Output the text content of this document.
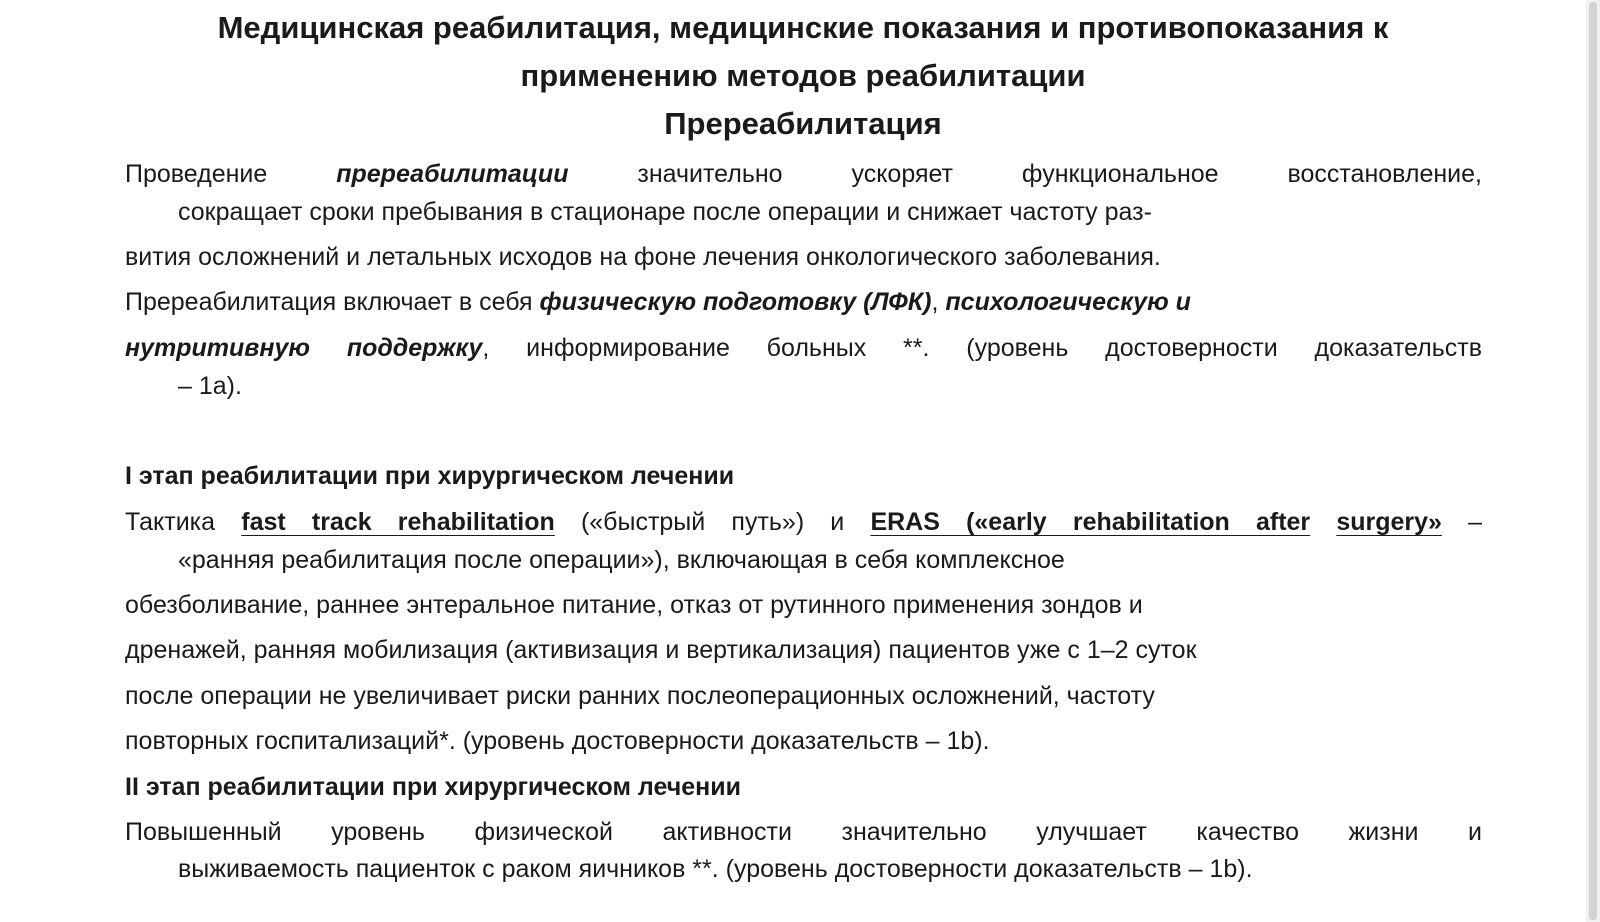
Медицинская реабилитация, медицинские показания и противопоказания к
применению методов реабилитации
Пререабилитация

Проведение	пререабилитации	значительно ускоряет функциональное восстановление,

сокращает сроки пребывания в стационаре после операции и снижает частоту раз-

вития осложнений и летальных исходов на фоне лечения онкологического заболевания.

Пререабилитация включает в себя физическую подготовку (ЛФК), психологическую и

нутритивную поддержку, информирование больных **. (уровень достоверности доказательств

– 1a).

I этап реабилитации при хирургическом лечении

Тактика fast track rehabilitation («быстрый путь») и ERAS («early rehabilitation after surgery» –

«ранняя реабилитация после операции»), включающая в себя комплексное

обезболивание, раннее энтеральное питание, отказ от рутинного применения зондов и

дренажей, ранняя мобилизация (активизация и вертикализация) пациентов уже с 1–2 суток

после операции не увеличивает риски ранних послеоперационных осложнений, частоту

повторных госпитализаций*. (уровень достоверности доказательств – 1b).

II этап реабилитации при хирургическом лечении

Повышенный уровень физической активности значительно улучшает качество жизни и

выживаемость пациенток с раком яичников **. (уровень достоверности доказательств – 1b).
